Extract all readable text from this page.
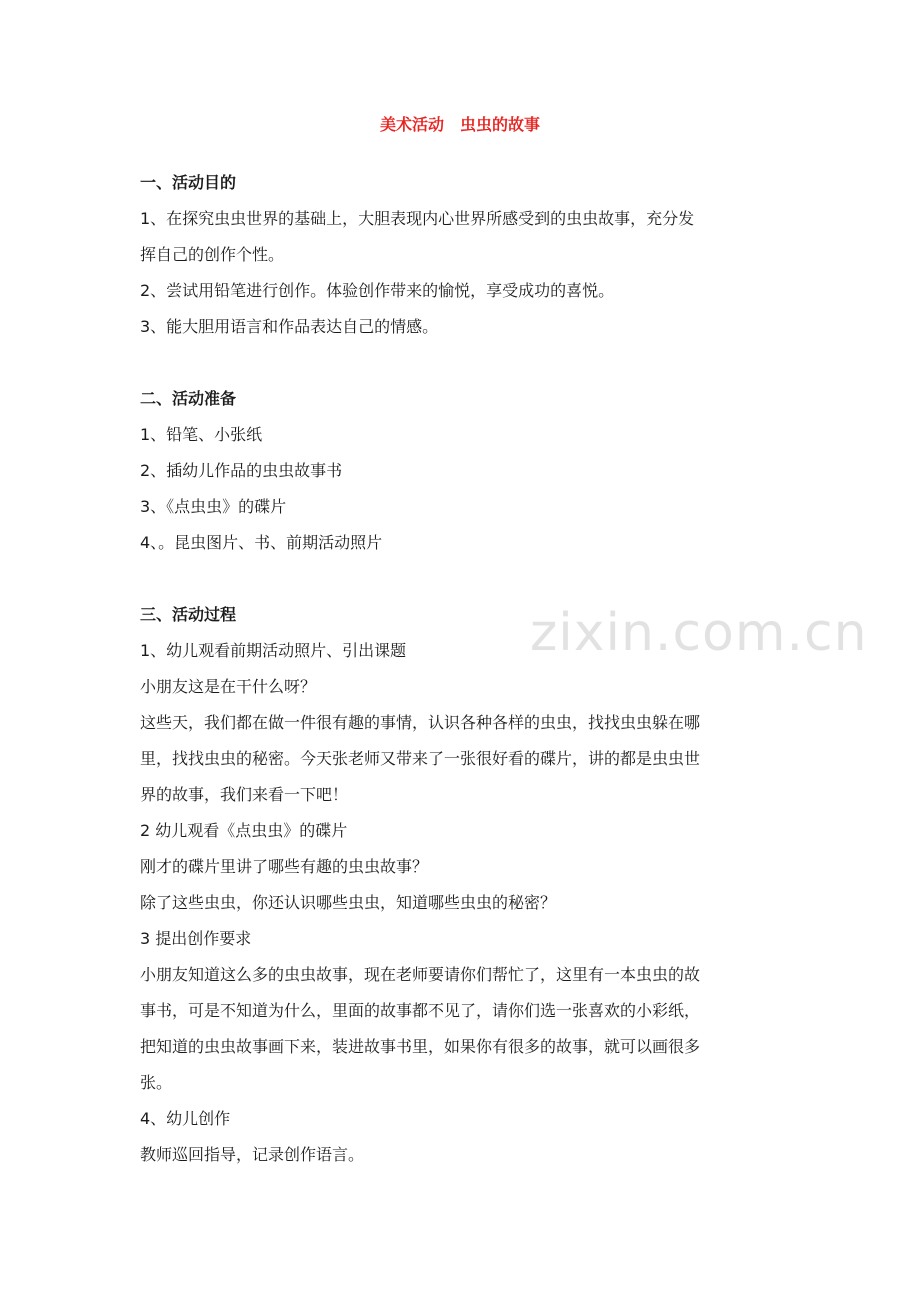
美术活动　虫虫的故事
一、活动目的
1、在探究虫虫世界的基础上，大胆表现内心世界所感受到的虫虫故事，充分发
挥自己的创作个性。
2、尝试用铅笔进行创作。体验创作带来的愉悦，享受成功的喜悦。
3、能大胆用语言和作品表达自己的情感。
二、活动准备
1、铅笔、小张纸
2、插幼儿作品的虫虫故事书
3、《点虫虫》的碟片
4、。昆虫图片、书、前期活动照片
三、活动过程
1、幼儿观看前期活动照片、引出课题
小朋友这是在干什么呀？
这些天，我们都在做一件很有趣的事情，认识各种各样的虫虫，找找虫虫躲在哪
里，找找虫虫的秘密。今天张老师又带来了一张很好看的碟片，讲的都是虫虫世
界的故事，我们来看一下吧！
2 幼儿观看《点虫虫》的碟片
刚才的碟片里讲了哪些有趣的虫虫故事？
除了这些虫虫，你还认识哪些虫虫，知道哪些虫虫的秘密？
3 提出创作要求
小朋友知道这么多的虫虫故事，现在老师要请你们帮忙了，这里有一本虫虫的故
事书，可是不知道为什么，里面的故事都不见了，请你们选一张喜欢的小彩纸，
把知道的虫虫故事画下来，装进故事书里，如果你有很多的故事，就可以画很多
张。
4、幼儿创作
教师巡回指导，记录创作语言。
zixin.com.cn
